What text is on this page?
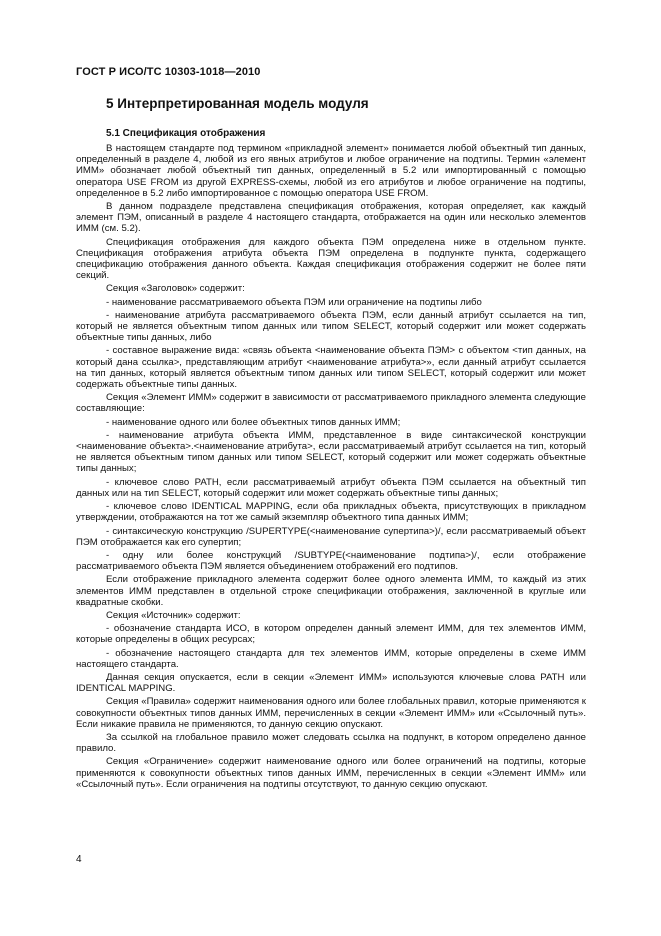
ГОСТ Р ИСО/ТС 10303-1018—2010
5 Интерпретированная модель модуля
5.1 Спецификация отображения

В настоящем стандарте под термином «прикладной элемент» понимается любой объектный тип данных, определенный в разделе 4, любой из его явных атрибутов и любое ограничение на подтипы. Термин «элемент ИММ» обозначает любой объектный тип данных, определенный в 5.2 или импортированный с помощью оператора USE FROM из другой EXPRESS-схемы, любой из его атрибутов и любое ограничение на подтипы, определенное в 5.2 либо импортированное с помощью оператора USE FROM.

В данном подразделе представлена спецификация отображения, которая определяет, как каждый элемент ПЭМ, описанный в разделе 4 настоящего стандарта, отображается на один или несколько элементов ИММ (см. 5.2).

Спецификация отображения для каждого объекта ПЭМ определена ниже в отдельном пункте. Спецификация отображения атрибута объекта ПЭМ определена в подпункте пункта, содержащего спецификацию отображения данного объекта. Каждая спецификация отображения содержит не более пяти секций.

Секция «Заголовок» содержит:

- наименование рассматриваемого объекта ПЭМ или ограничение на подтипы либо

- наименование атрибута рассматриваемого объекта ПЭМ, если данный атрибут ссылается на тип, который не является объектным типом данных или типом SELECT, который содержит или может содержать объектные типы данных, либо

- составное выражение вида: «связь объекта <наименование объекта ПЭМ> с объектом <тип данных, на который дана ссылка>, представляющим атрибут <наименование атрибута>», если данный атрибут ссылается на тип данных, который является объектным типом данных или типом SELECT, который содержит или может содержать объектные типы данных.

Секция «Элемент ИММ» содержит в зависимости от рассматриваемого прикладного элемента следующие составляющие:

- наименование одного или более объектных типов данных ИММ;

- наименование атрибута объекта ИММ, представленное в виде синтаксической конструкции <наименование объекта>.<наименование атрибута>, если рассматриваемый атрибут ссылается на тип, который не является объектным типом данных или типом SELECT, который содержит или может содержать объектные типы данных;

- ключевое слово PATH, если рассматриваемый атрибут объекта ПЭМ ссылается на объектный тип данных или на тип SELECT, который содержит или может содержать объектные типы данных;

- ключевое слово IDENTICAL MAPPING, если оба прикладных объекта, присутствующих в прикладном утверждении, отображаются на тот же самый экземпляр объектного типа данных ИММ;

- синтаксическую конструкцию /SUPERTYPE(<наименование супертипа>)/, если рассматриваемый объект ПЭМ отображается как его супертип;

- одну или более конструкций /SUBTYPE(<наименование подтипа>)/, если отображение рассматриваемого объекта ПЭМ является объединением отображений его подтипов.

Если отображение прикладного элемента содержит более одного элемента ИММ, то каждый из этих элементов ИММ представлен в отдельной строке спецификации отображения, заключенной в круглые или квадратные скобки.

Секция «Источник» содержит:

- обозначение стандарта ИСО, в котором определен данный элемент ИММ, для тех элементов ИММ, которые определены в общих ресурсах;

- обозначение настоящего стандарта для тех элементов ИММ, которые определены в схеме ИММ настоящего стандарта.

Данная секция опускается, если в секции «Элемент ИММ» используются ключевые слова PATH или IDENTICAL MAPPING.

Секция «Правила» содержит наименования одного или более глобальных правил, которые применяются к совокупности объектных типов данных ИММ, перечисленных в секции «Элемент ИММ» или «Ссылочный путь». Если никакие правила не применяются, то данную секцию опускают.

За ссылкой на глобальное правило может следовать ссылка на подпункт, в котором определено данное правило.

Секция «Ограничение» содержит наименование одного или более ограничений на подтипы, которые применяются к совокупности объектных типов данных ИММ, перечисленных в секции «Элемент ИММ» или «Ссылочный путь». Если ограничения на подтипы отсутствуют, то данную секцию опускают.

4
